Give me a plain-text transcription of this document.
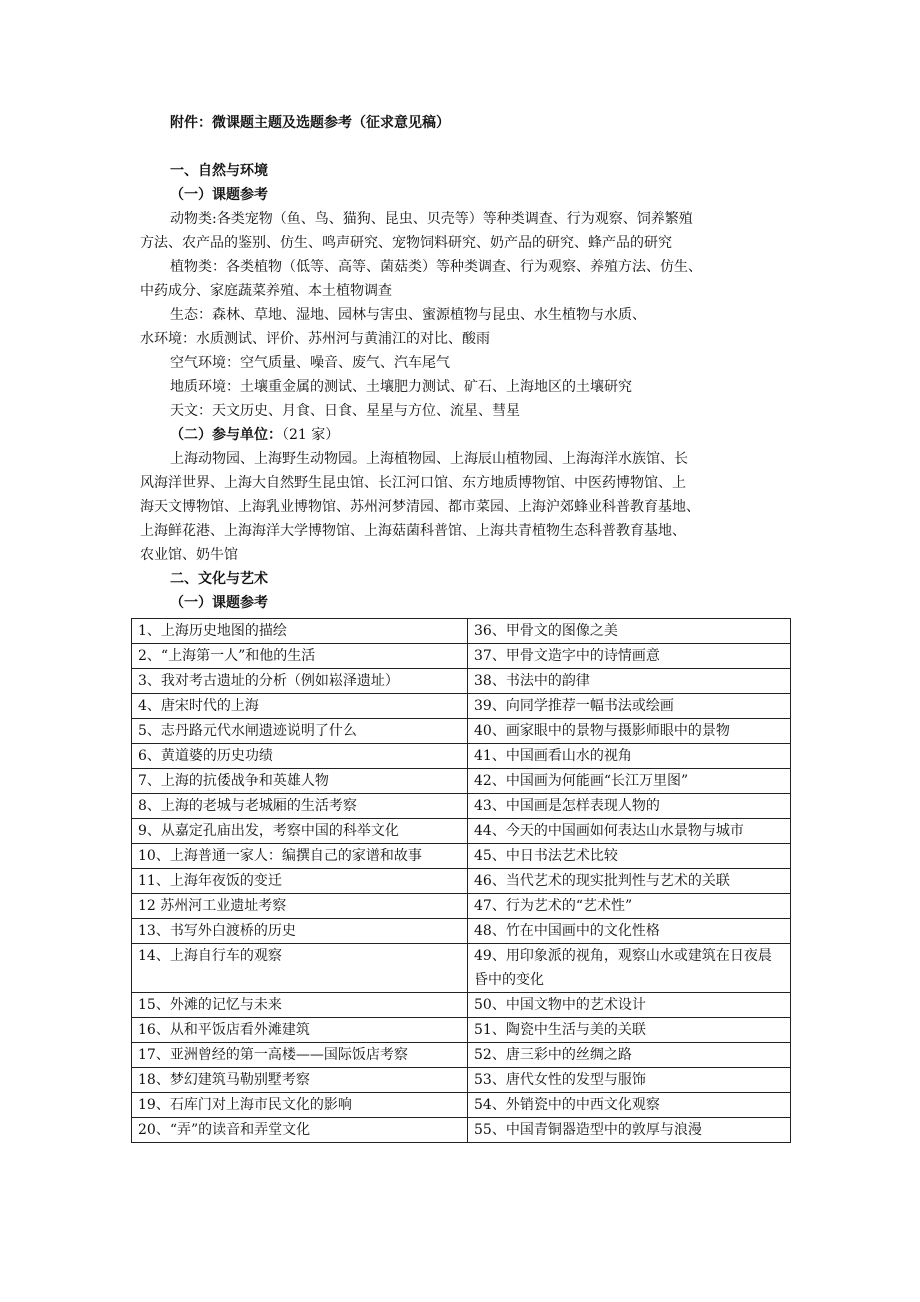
附件：微课题主题及选题参考（征求意见稿）
一、自然与环境
（一）课题参考
动物类:各类宠物（鱼、鸟、猫狗、昆虫、贝壳等）等种类调查、行为观察、饲养繁殖
方法、农产品的鉴别、仿生、鸣声研究、宠物饲料研究、奶产品的研究、蜂产品的研究
植物类：各类植物（低等、高等、菌菇类）等种类调查、行为观察、养殖方法、仿生、
中药成分、家庭蔬菜养殖、本土植物调查
生态：森林、草地、湿地、园林与害虫、蜜源植物与昆虫、水生植物与水质、
水环境：水质测试、评价、苏州河与黄浦江的对比、酸雨
空气环境：空气质量、噪音、废气、汽车尾气
地质环境：土壤重金属的测试、土壤肥力测试、矿石、上海地区的土壤研究
天文：天文历史、月食、日食、星星与方位、流星、彗星
（二）参与单位：（21 家）
上海动物园、上海野生动物园。上海植物园、上海辰山植物园、上海海洋水族馆、长
风海洋世界、上海大自然野生昆虫馆、长江河口馆、东方地质博物馆、中医药博物馆、上
海天文博物馆、上海乳业博物馆、苏州河梦清园、都市菜园、上海沪郊蜂业科普教育基地、
上海鲜花港、上海海洋大学博物馆、上海菇菌科普馆、上海共青植物生态科普教育基地、
农业馆、奶牛馆
二、文化与艺术
（一）课题参考
1、上海历史地图的描绘	36、甲骨文的图像之美
2、“上海第一人”和他的生活	37、甲骨文造字中的诗情画意
3、我对考古遗址的分析（例如崧泽遗址）	38、书法中的韵律
4、唐宋时代的上海	39、向同学推荐一幅书法或绘画
5、志丹路元代水闸遗迹说明了什么	40、画家眼中的景物与摄影师眼中的景物
6、黄道婆的历史功绩	41、中国画看山水的视角
7、上海的抗倭战争和英雄人物	42、中国画为何能画“长江万里图”
8、上海的老城与老城厢的生活考察	43、中国画是怎样表现人物的
9、从嘉定孔庙出发，考察中国的科举文化	44、今天的中国画如何表达山水景物与城市
10、上海普通一家人：编撰自己的家谱和故事	45、中日书法艺术比较
11、上海年夜饭的变迁	46、当代艺术的现实批判性与艺术的关联
12 苏州河工业遗址考察	47、行为艺术的“艺术性”
13、书写外白渡桥的历史	48、竹在中国画中的文化性格
14、上海自行车的观察	49、用印象派的视角，观察山水或建筑在日夜晨昏中的变化
15、外滩的记忆与未来	50、中国文物中的艺术设计
16、从和平饭店看外滩建筑	51、陶瓷中生活与美的关联
17、亚洲曾经的第一高楼——国际饭店考察	52、唐三彩中的丝绸之路
18、梦幻建筑马勒别墅考察	53、唐代女性的发型与服饰
19、石库门对上海市民文化的影响	54、外销瓷中的中西文化观察
20、“弄”的读音和弄堂文化	55、中国青铜器造型中的敦厚与浪漫
